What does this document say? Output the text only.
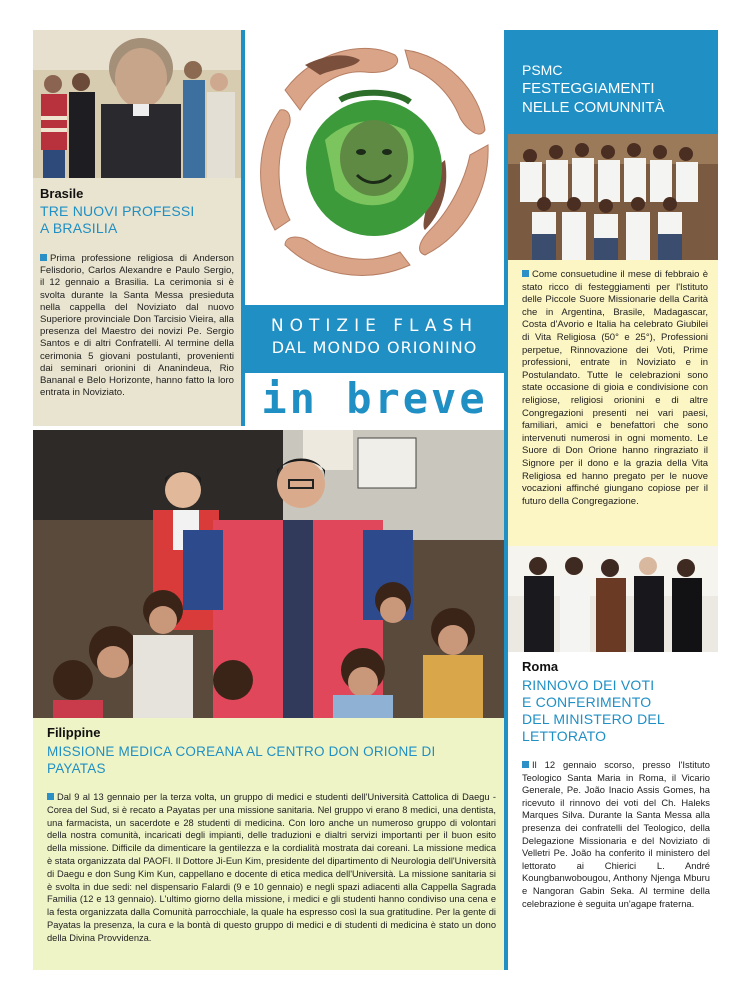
Brasile
TRE NUOVI PROFESSI
A BRASILIA
Prima professione religiosa di Anderson Felisdorio, Carlos Alexandre e Paulo Sergio, il 12 gennaio a Brasilia. La cerimonia si è svolta durante la Santa Messa presieduta nella cappella del Noviziato dal nuovo Superiore provinciale Don Tarcisio Vieira, alla presenza del Maestro dei novizi Pe. Sergio Santos e di altri Confratelli. Al termine della cerimonia 5 giovani postulanti, provenienti dai seminari orionini di Ananindeua, Rio Bananal e Belo Horizonte, hanno fatto la loro entrata in Noviziato.
NOTIZIE FLASH
DAL MONDO ORIONINO
in breve
PSMC
FESTEGGIAMENTI
NELLE COMUNNITÀ
Come consuetudine il mese di febbraio è stato ricco di festeggiamenti per l'Istituto delle Piccole Suore Missionarie della Carità che in Argentina, Brasile, Madagascar, Costa d'Avorio e Italia ha celebrato Giubilei di Vita Religiosa (50° e 25°), Professioni perpetue, Rinnovazione dei Voti, Prime professioni, entrate in Noviziato e in Postulandato. Tutte le celebrazioni sono state occasione di gioia e condivisione con religiose, religiosi orionini e di altre Congregazioni presenti nei vari paesi, familiari, amici e benefattori che sono intervenuti numerosi in ogni momento. Le Suore di Don Orione hanno ringraziato il Signore per il dono e la grazia della Vita Religiosa ed hanno pregato per le nuove vocazioni affinché giungano copiose per il futuro della Congregazione.
Roma
RINNOVO DEI VOTI
E CONFERIMENTO
DEL MINISTERO DEL
LETTORATO
Il 12 gennaio scorso, presso l'Istituto Teologico Santa Maria in Roma, il Vicario Generale, Pe. João Inacio Assis Gomes, ha ricevuto il rinnovo dei voti del Ch. Haleks Marques Silva. Durante la Santa Messa alla presenza dei confratelli del Teologico, della Delegazione Missionaria e del Noviziato di Velletri Pe. João ha conferito il ministero del lettorato ai Chierici L. André Koungbanwobougou, Anthony Njenga Mburu e Nangoran Gabin Seka. Al termine della celebrazione è seguita un'agape fraterna.
Filippine
MISSIONE MEDICA COREANA AL CENTRO DON ORIONE DI PAYATAS
Dal 9 al 13 gennaio per la terza volta, un gruppo di medici e studenti dell'Università Cattolica di Daegu - Corea del Sud, si è recato a Payatas per una missione sanitaria. Nel gruppo vi erano 8 medici, una dentista, una farmacista, un sacerdote e 28 studenti di medicina. Con loro anche un numeroso gruppo di volontari della nostra comunità, incaricati degli impianti, delle traduzioni e dialtri servizi importanti per il buon esito della missione. Difficile da dimenticare la gentilezza e la cordialità mostrata dai coreani. La missione medica è stata organizzata dal PAOFI. Il Dottore Ji-Eun Kim, presidente del dipartimento di Neurologia dell'Università di Daegu e don Sung Kim Kun, cappellano e docente di etica medica dell'Università. La missione sanitaria si è svolta in due sedi: nel dispensario Falardi (9 e 10 gennaio) e negli spazi adiacenti alla Cappella Sagrada Familia (12 e 13 gennaio). L'ultimo giorno della missione, i medici e gli studenti hanno condiviso una cena e la festa organizzata dalla Comunità parrocchiale, la quale ha espresso così la sua gratitudine. Per la gente di Payatas la presenza, la cura e la bontà di questo gruppo di medici e di studenti di medicina è stato un dono della Divina Provvidenza.
